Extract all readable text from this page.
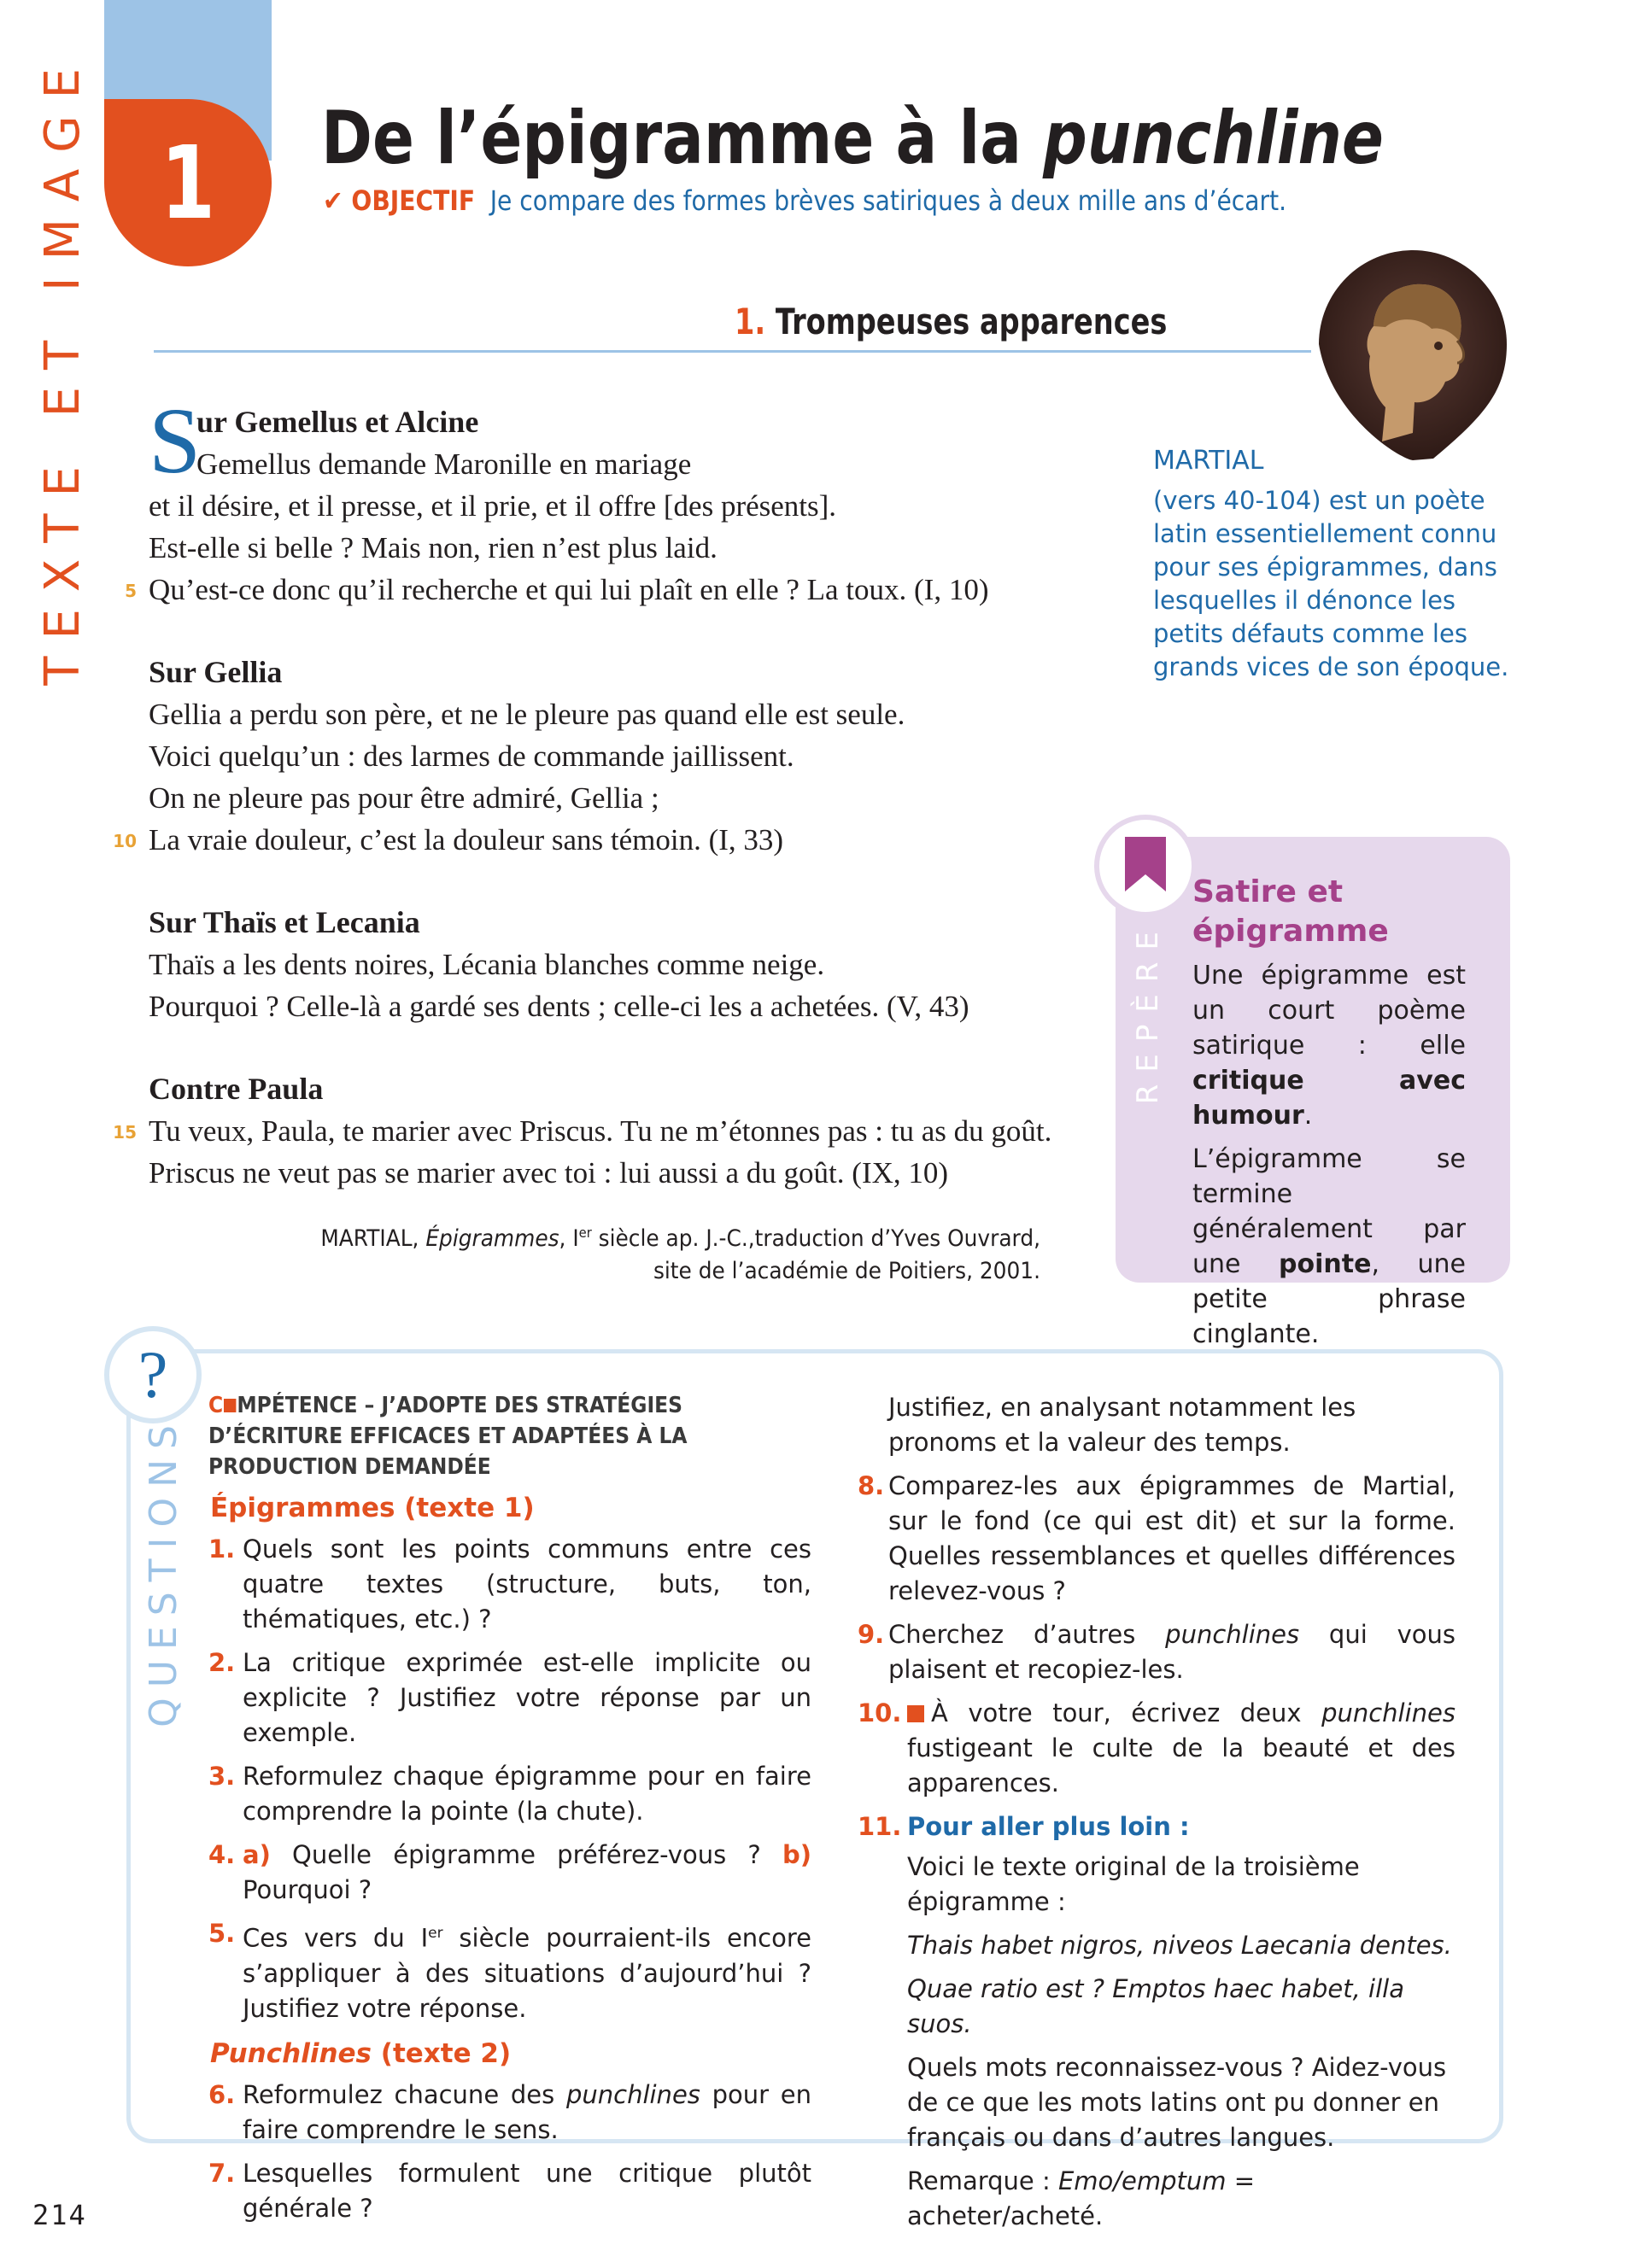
TEXTE ET IMAGE 1	De l’épigramme à la punchline
✔ OBJECTIF Je compare des formes brèves satiriques à deux mille ans d’écart.
1. Trompeuses apparences
S
ur Gemellus et Alcine
Gemellus demande Maronille en mariage
et il désire, et il presse, et il prie, et il offre [des présents].
Est-elle si belle ? Mais non, rien n’est plus laid.
5 Qu’est-ce donc qu’il recherche et qui lui plaît en elle ? La toux. (I, 10)
Sur Gellia
Gellia a perdu son père, et ne le pleure pas quand elle est seule.
Voici quelqu’un : des larmes de commande jaillissent.
On ne pleure pas pour être admiré, Gellia ;
10 La vraie douleur, c’est la douleur sans témoin. (I, 33)
Sur Thaïs et Lecania
Thaïs a les dents noires, Lécania blanches comme neige.
Pourquoi ? Celle-là a gardé ses dents ; celle-ci les a achetées. (V, 43)
Contre Paula
15 Tu veux, Paula, te marier avec Priscus. Tu ne m’étonnes pas : tu as du goût.
Priscus ne veut pas se marier avec toi : lui aussi a du goût. (IX, 10)
MARTIAL, Épigrammes, Ier siècle ap. J.-C.,traduction d’Yves Ouvrard,
site de l’académie de Poitiers, 2001.
MARTIAL
(vers 40-104) est un poète latin essentiellement connu pour ses épigrammes, dans lesquelles il dénonce les petits défauts comme les grands vices de son époque.
REPÈRE
Satire et épigramme

Une épigramme est un court poème satirique : elle critique avec humour.

L’épigramme se termine généralement par une pointe, une petite phrase cinglante.

?
QUESTIONS
C MPÉTENCE – J’ADOPTE DES STRATÉGIES D’ÉCRITURE EFFICACES ET ADAPTÉES À LA PRODUCTION DEMANDÉE
Épigrammes (texte 1)
1. Quels sont les points communs entre ces quatre textes (structure, buts, ton, thématiques, etc.) ?
2. La critique exprimée est-elle implicite ou explicite ? Justifiez votre réponse par un exemple.
3. Reformulez chaque épigramme pour en faire comprendre la pointe (la chute).
4. a) Quelle épigramme préférez-vous ? b) Pourquoi ?
5. Ces vers du Ier siècle pourraient-ils encore s’appliquer à des situations d’aujourd’hui ? Justifiez votre réponse.
Punchlines (texte 2)
6. Reformulez chacune des punchlines pour en faire comprendre le sens.
7. Lesquelles formulent une critique plutôt générale ?
Justifiez, en analysant notamment les pronoms et la valeur des temps.
8. Comparez-les aux épigrammes de Martial, sur le fond (ce qui est dit) et sur la forme. Quelles ressemblances et quelles différences relevez-vous ?
9. Cherchez d’autres punchlines qui vous plaisent et recopiez-les.
10. À votre tour, écrivez deux punchlines fustigeant le culte de la beauté et des apparences.
11. Pour aller plus loin :
Voici le texte original de la troisième épigramme :
Thais habet nigros, niveos Laecania dentes.
Quae ratio est ? Emptos haec habet, illa suos.
Quels mots reconnaissez-vous ? Aidez-vous de ce que les mots latins ont pu donner en français ou dans d’autres langues.
Remarque : Emo/emptum = acheter/acheté.
214
